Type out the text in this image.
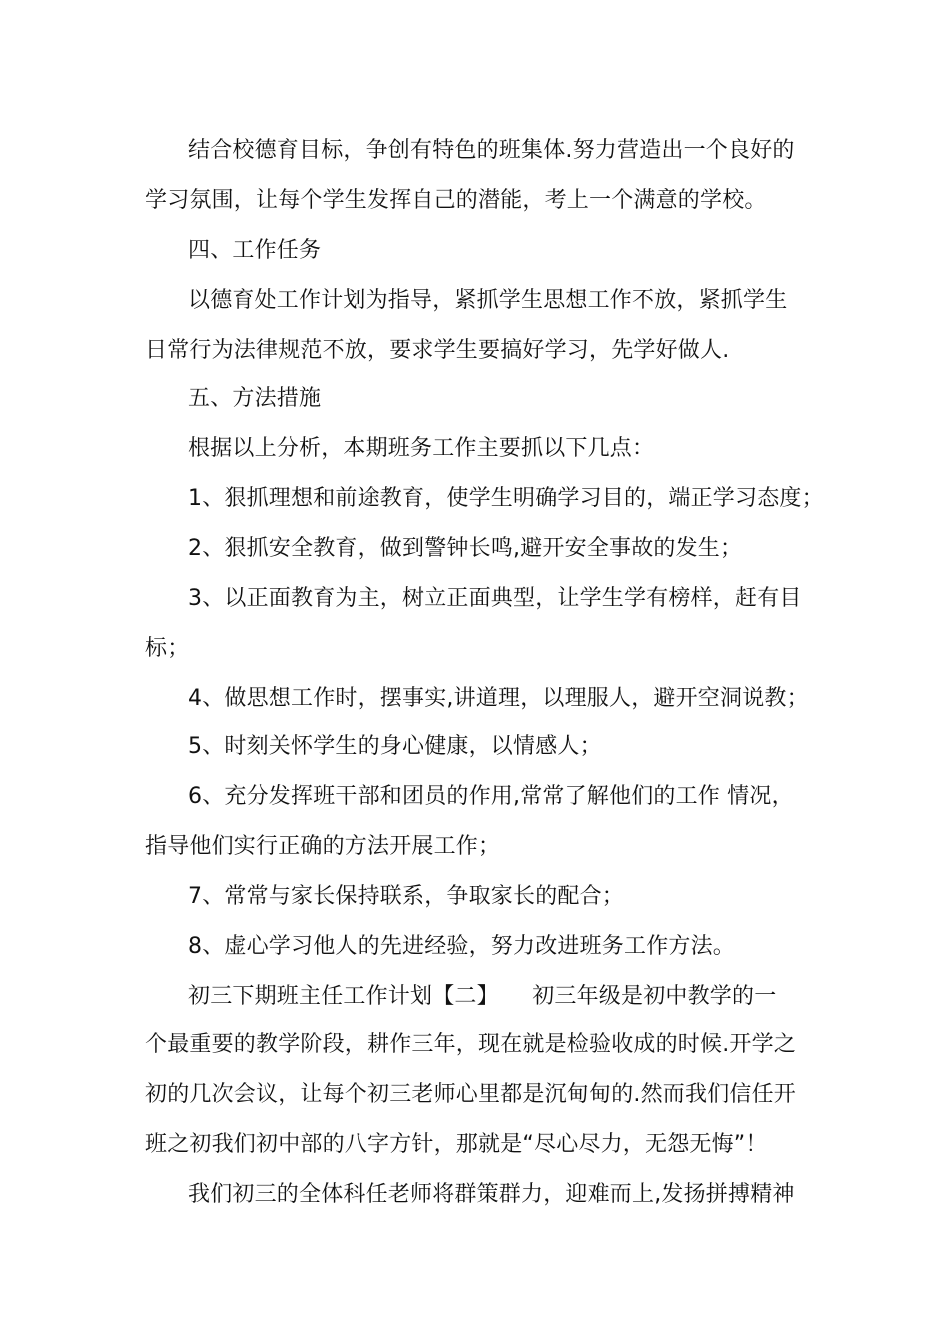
结合校德育目标，争创有特色的班集体.努力营造出一个良好的
学习氛围，让每个学生发挥自己的潜能，考上一个满意的学校。
四、工作任务
以德育处工作计划为指导，紧抓学生思想工作不放，紧抓学生
日常行为法律规范不放，要求学生要搞好学习，先学好做人.
五、方法措施
根据以上分析，本期班务工作主要抓以下几点：
1、狠抓理想和前途教育，使学生明确学习目的，端正学习态度；
2、狠抓安全教育，做到警钟长鸣,避开安全事故的发生；
3、以正面教育为主，树立正面典型，让学生学有榜样，赶有目
标；
4、做思想工作时，摆事实,讲道理，以理服人，避开空洞说教；
5、时刻关怀学生的身心健康，以情感人；
6、充分发挥班干部和团员的作用,常常了解他们的工作 情况，
指导他们实行正确的方法开展工作；
7、常常与家长保持联系，争取家长的配合；
8、虚心学习他人的先进经验，努力改进班务工作方法。
初三下期班主任工作计划【二】　　初三年级是初中教学的一
个最重要的教学阶段，耕作三年，现在就是检验收成的时候.开学之
初的几次会议，让每个初三老师心里都是沉甸甸的.然而我们信任开
班之初我们初中部的八字方针，那就是“尽心尽力，无怨无悔”！
我们初三的全体科任老师将群策群力，迎难而上,发扬拼搏精神
